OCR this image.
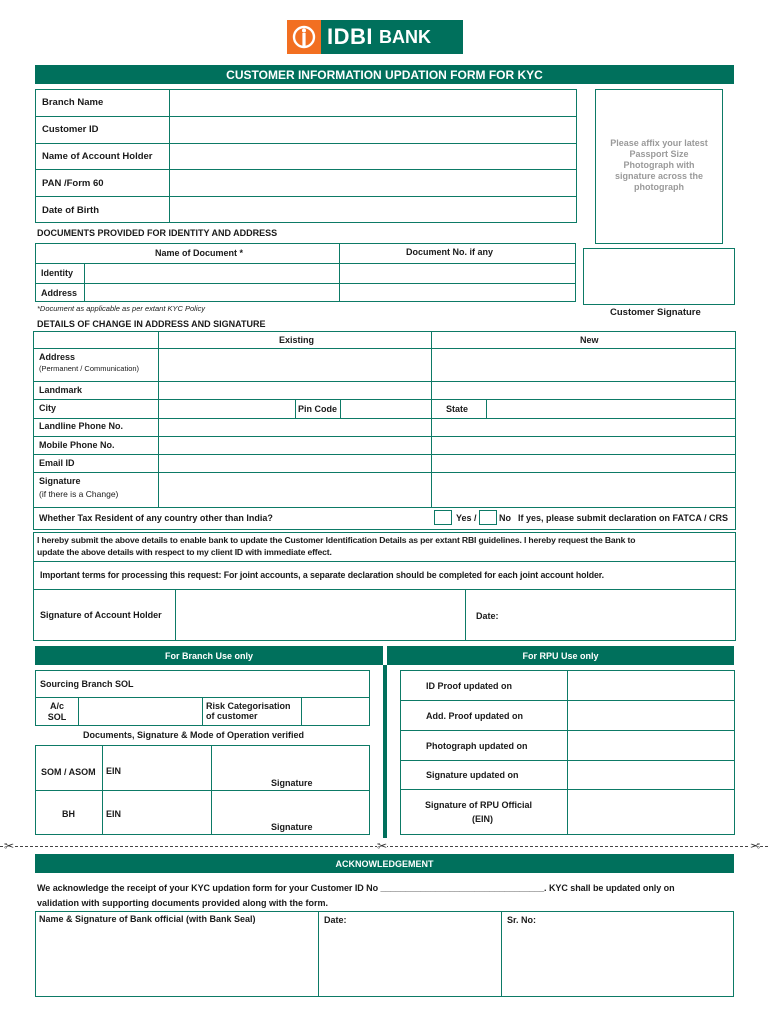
IDBI BANK
CUSTOMER INFORMATION UPDATION FORM FOR KYC
Branch Name
Customer ID
Name of Account Holder
PAN /Form 60
Date of Birth
Please affix your latest Passport Size Photograph with signature across the photograph
Customer Signature
DOCUMENTS PROVIDED FOR IDENTITY AND ADDRESS
Name of Document *	Document No. if any
Identity
Address
*Document as applicable as per extant KYC Policy
DETAILS OF CHANGE IN ADDRESS AND SIGNATURE
Existing	New
Address
(Permanent / Communication)
Landmark
City	Pin Code	State
Landline Phone No.
Mobile Phone No.
Email ID
Signature
(if there is a Change)
Whether Tax Resident of any country other than India?	Yes / No If yes, please submit declaration on FATCA / CRS
I hereby submit the above details to enable bank to update the Customer Identification Details as per extant RBI guidelines. I hereby request the Bank to
update the above details with respect to my client ID with immediate effect.
Important terms for processing this request: For joint accounts, a separate declaration should be completed for each joint account holder.
Signature of Account Holder	Date:
For Branch Use only
Sourcing Branch SOL
A/c SOL
Risk Categorisation of customer
Documents, Signature & Mode of Operation verified
SOM / ASOM EIN
Signature
BH	EIN
Signature
For RPU Use only
ID Proof updated on
Add. Proof updated on
Photograph updated on
Signature updated on
Signature of RPU Official
(EIN)
✂	✂	✂
ACKNOWLEDGEMENT
We acknowledge the receipt of your KYC updation form for your Customer ID No _________________________________. KYC shall be updated only on
validation with supporting documents provided along with the form.
Name & Signature of Bank official (with Bank Seal)	Date:	Sr. No:
